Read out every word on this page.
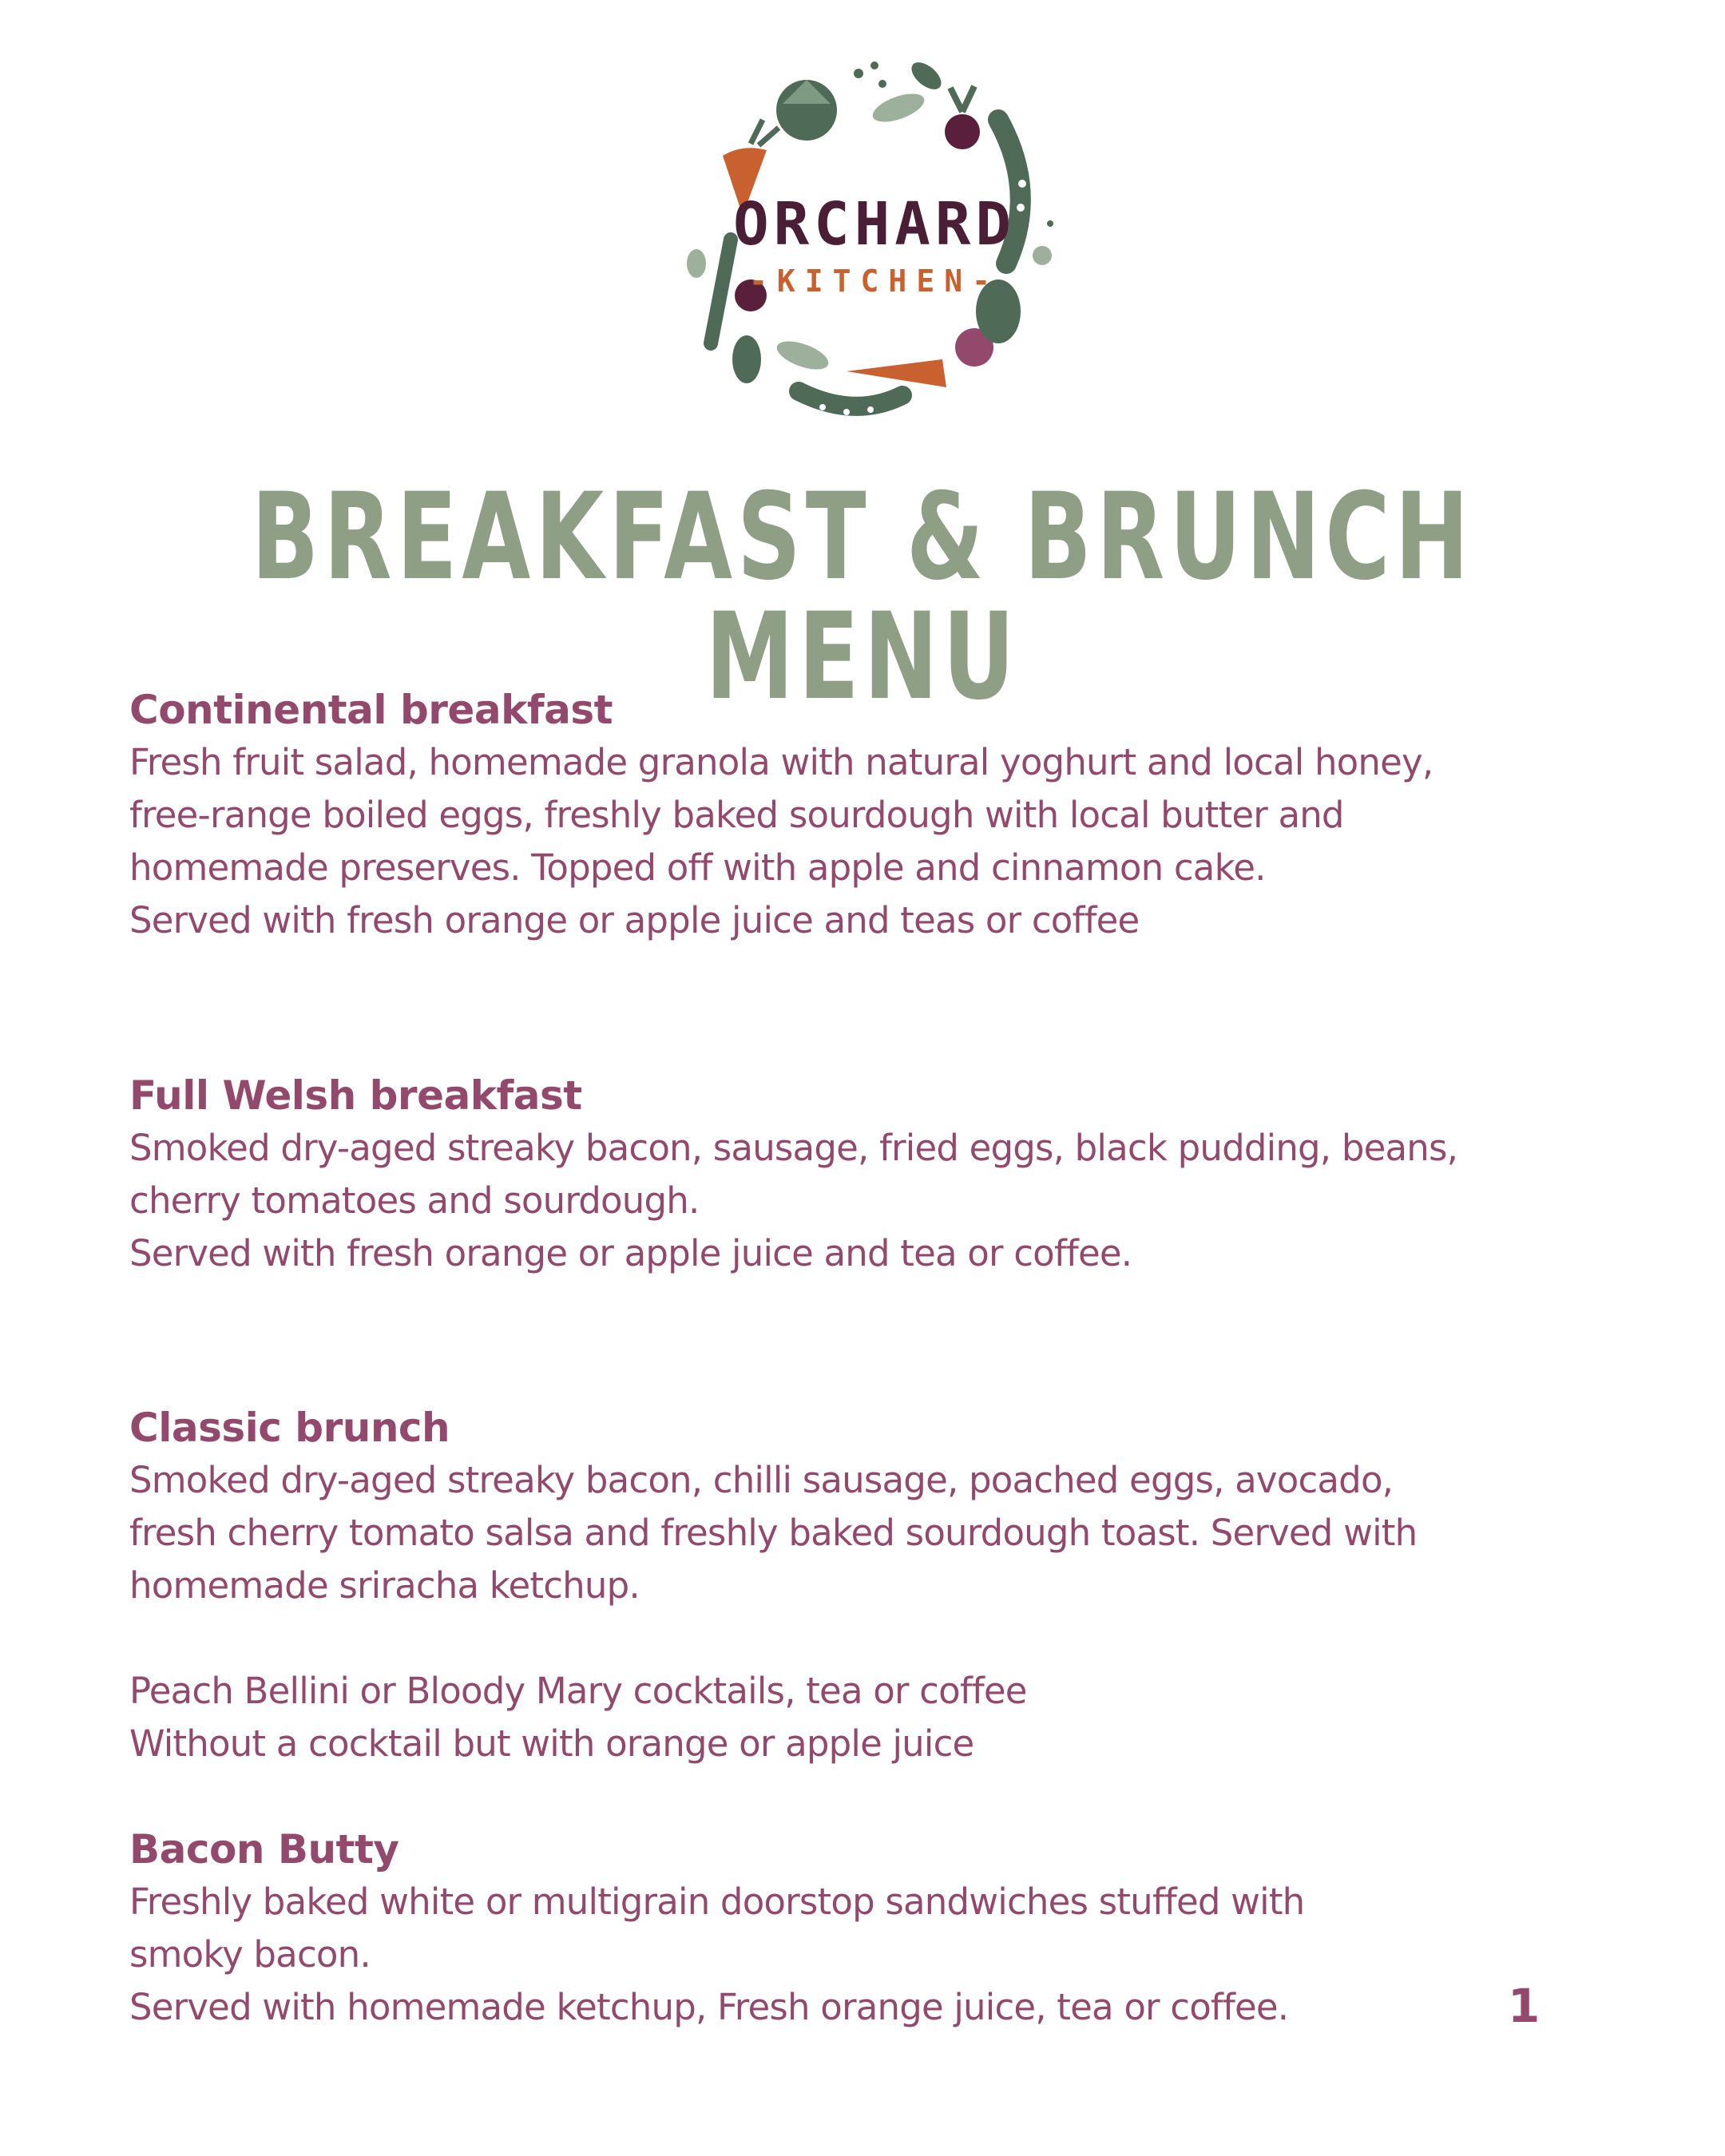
ORCHARD
-KITCHEN-
BREAKFAST & BRUNCH MENU
Continental breakfast

Fresh fruit salad, homemade granola with natural yoghurt and local honey,

free-range boiled eggs, freshly baked sourdough with local butter and

homemade preserves. Topped off with apple and cinnamon cake.

Served with fresh orange or apple juice and teas or coffee

Full Welsh breakfast

Smoked dry-aged streaky bacon, sausage, fried eggs, black pudding, beans,

cherry tomatoes and sourdough.

Served with fresh orange or apple juice and tea or coffee.

Classic brunch

Smoked dry-aged streaky bacon, chilli sausage, poached eggs, avocado,

fresh cherry tomato salsa and freshly baked sourdough toast. Served with

homemade sriracha ketchup.

Peach Bellini or Bloody Mary cocktails, tea or coffee

Without a cocktail but with orange or apple juice

Bacon Butty

Freshly baked white or multigrain doorstop sandwiches stuffed with

smoky bacon.

Served with homemade ketchup, Fresh orange juice, tea or coffee.	1
